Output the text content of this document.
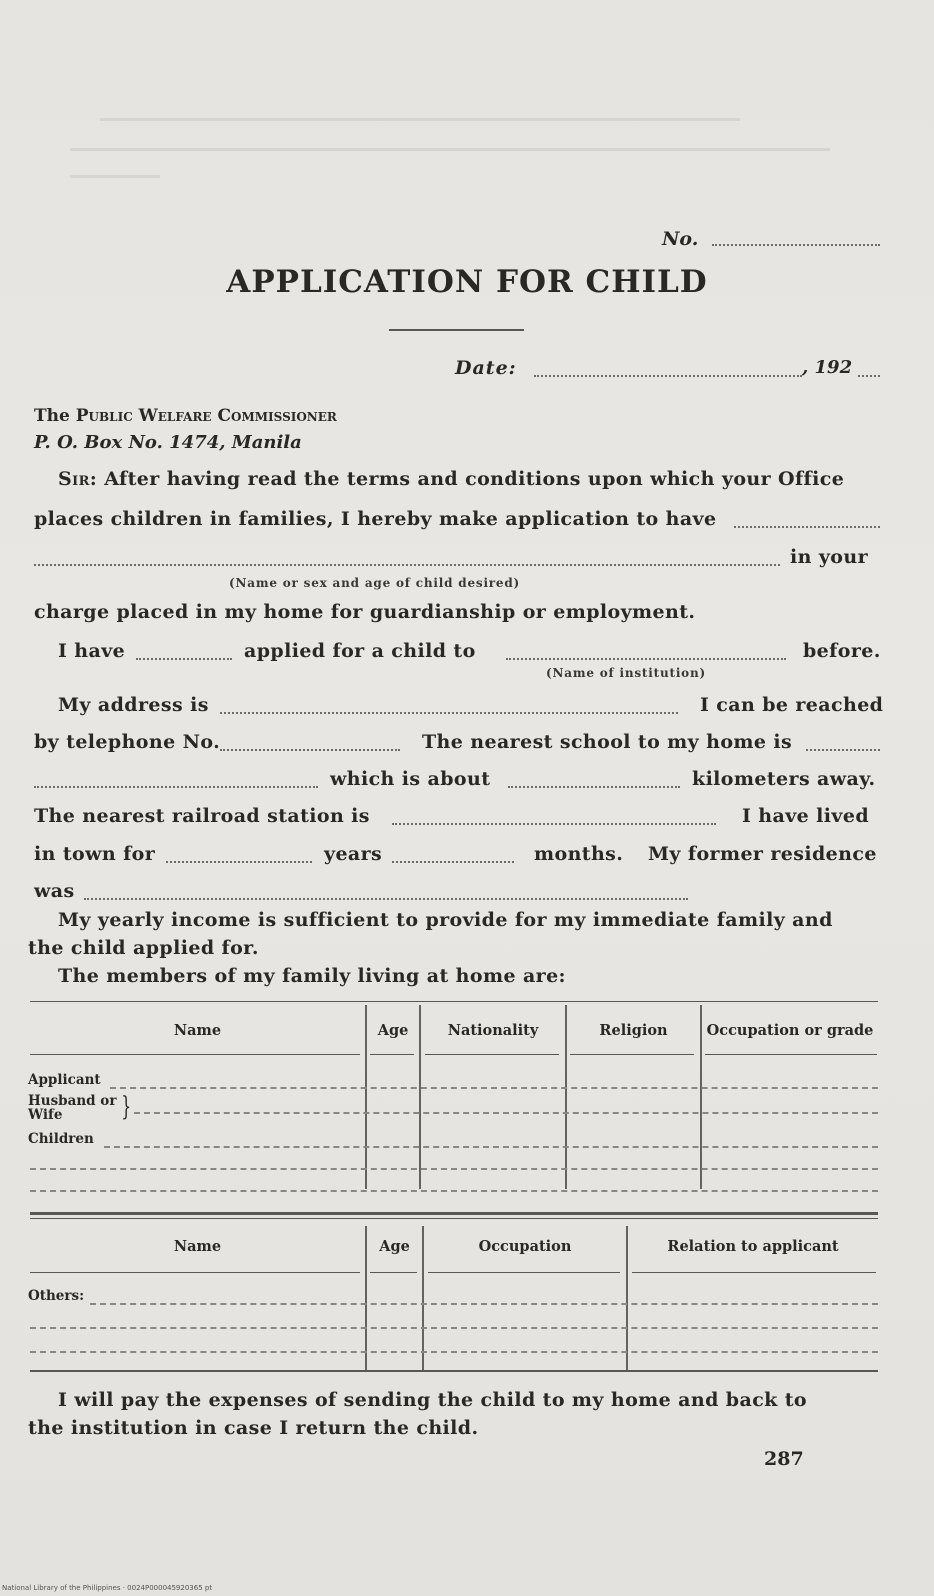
No.
APPLICATION FOR CHILD
Date:	, 192
The Public Welfare Commissioner
P. O. Box No. 1474, Manila
Sir: After having read the terms and conditions upon which your Office
places children in families, I hereby make application to have
in your
(Name or sex and age of child desired)
charge placed in my home for guardianship or employment.
I have	applied for a child to	before.
(Name of institution)
My address is	I can be reached
by telephone No.	The nearest school to my home is
which is about	kilometers away.
The nearest railroad station is	I have lived
in town for	years	months. My former residence
was
My yearly income is sufficient to provide for my immediate family and
the child applied for.
The members of my family living at home are:
Name	Age	Nationality	Religion	Occupation or grade
Applicant
Husband or
Wife }
Children
Name	Age	Occupation	Relation to applicant
Others:
I will pay the expenses of sending the child to my home and back to
the institution in case I return the child.
287
National Library of the Philippines · 0024P000045920365 pt
